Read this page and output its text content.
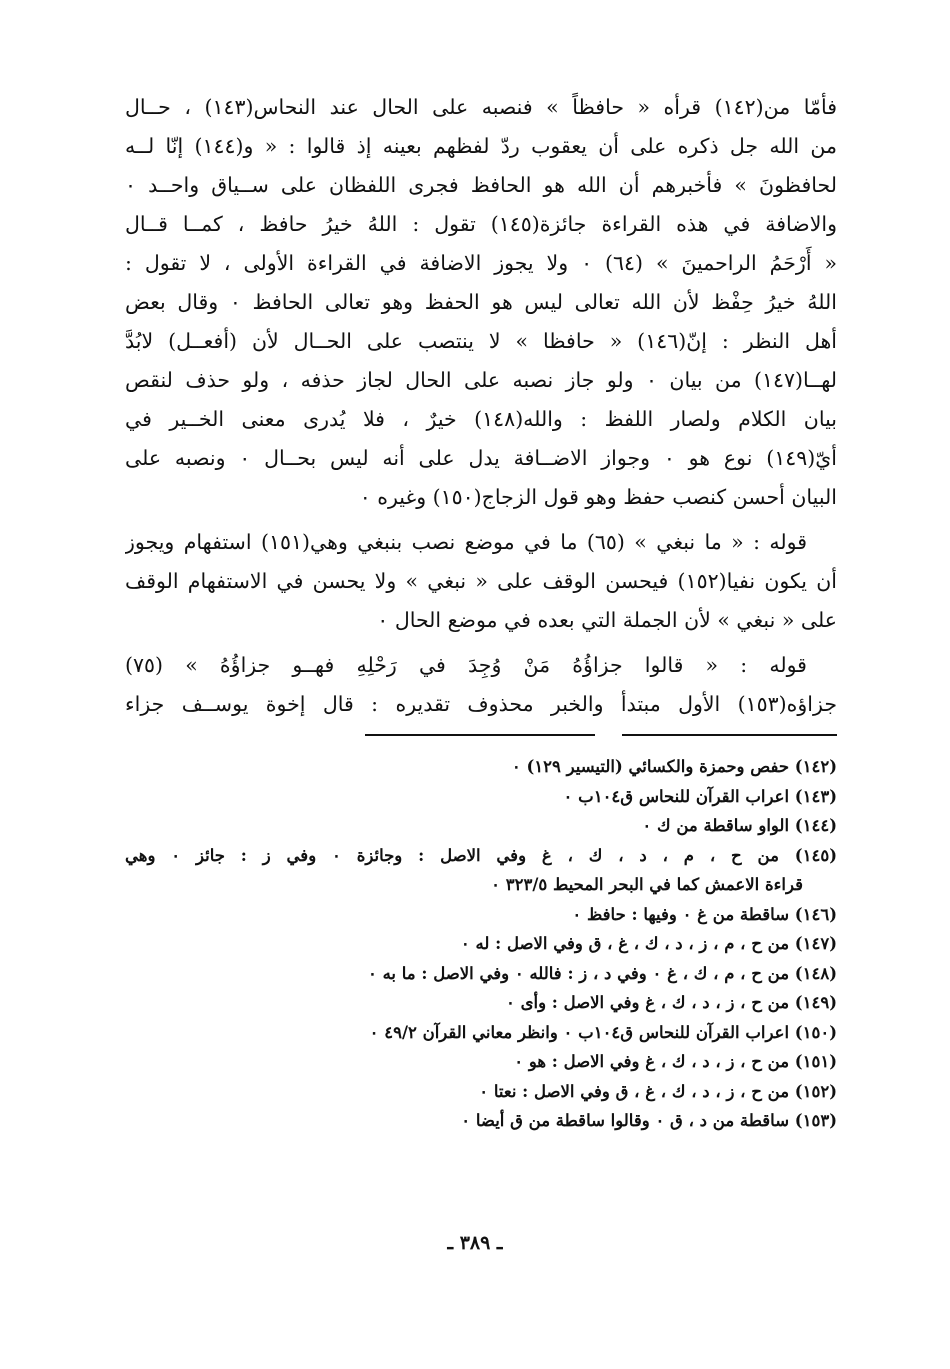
فأمّا من(١٤٢) قرأه « حافظاً » فنصبه على الحال عند النحاس(١٤٣) ، حــال
من الله جل ذكره على أن يعقوب ردّ لفظهم بعينه إذ قالوا : « و(١٤٤) إنّا لــه
لحافظونَ » فأخبرهم أن الله هو الحافظ فجرى اللفظان على ســياق واحــد ٠
والاضافة في هذه القراءة جائزة(١٤٥) تقول : اللهُ خيرُ حافظ ، كمــا قــال
« أَرْحَمُ الراحمينَ » (٦٤) ٠ ولا يجوز الاضافة في القراءة الأولى ، لا تقول :
اللهُ خيرُ حِفْظ لأن الله تعالى ليس هو الحفظ وهو تعالى الحافظ ٠ وقال بعض
أهل النظر : إنّ(١٤٦) « حافظا » لا ينتصب على الحــال لأن (أفعــل) لابُدَّ
لهــا(١٤٧) من بيان ٠ ولو جاز نصبه على الحال لجاز حذفه ، ولو حذف لنقص
بيان الكلام ولصار اللفظ : والله(١٤٨) خيرٌ ، فلا يُدرى معنى الخــير في
أيّ(١٤٩) نوع هو ٠ وجواز الاضــافة يدل على أنه ليس بحــال ٠ ونصبه على
البيان أحسن كنصب حفظ وهو قول الزجاج(١٥٠) وغيره ٠
قوله : « ما نبغي » (٦٥) ما في موضع نصب بنبغي وهي(١٥١) استفهام ويجوز
أن يكون نفيا(١٥٢) فيحسن الوقف على « نبغي » ولا يحسن في الاستفهام الوقف
على « نبغي » لأن الجملة التي بعده في موضع الحال ٠
قوله : « قالوا جزاؤُهُ مَنْ وُجِدَ في رَحْلِهِ فهــو جزاؤُهُ » (٧٥)
جزاؤه(١٥٣) الأول مبتدأ والخبر محذوف تقديره : قال إخوة يوســف جزاء
(١٤٢) حفص وحمزة والكسائي (التيسير ١٢٩) ٠
(١٤٣) اعراب القرآن للنحاس ق١٠٤ب ٠
(١٤٤) الواو ساقطة من ك ٠
(١٤٥) من ح ، م ، د ، ك ، غ وفي الاصل : وجائزة ٠ وفي ز : جائز ٠ وهي
قراءة الاعمش كما في البحر المحيط ٣٢٣/٥ ٠
(١٤٦) ساقطة من غ ٠ وفيها : حافظ ٠
(١٤٧) من ح ، م ، ز ، د ، ك ، غ ، ق وفي الاصل : له ٠
(١٤٨) من ح ، م ، ك ، غ ٠ وفي د ، ز : فالله ٠ وفي الاصل : ما به ٠
(١٤٩) من ح ، ز ، د ، ك ، غ وفي الاصل : وأى ٠
(١٥٠) اعراب القرآن للنحاس ق١٠٤ب ٠ وانظر معاني القرآن ٤٩/٢ ٠
(١٥١) من ح ، ز ، د ، ك ، غ وفي الاصل : هو ٠
(١٥٢) من ح ، ز ، د ، ك ، غ ، ق وفي الاصل : نعتا ٠
(١٥٣) ساقطة من د ، ق ٠ وقالوا ساقطة من ق أيضا ٠
ـ ٣٨٩ ـ
